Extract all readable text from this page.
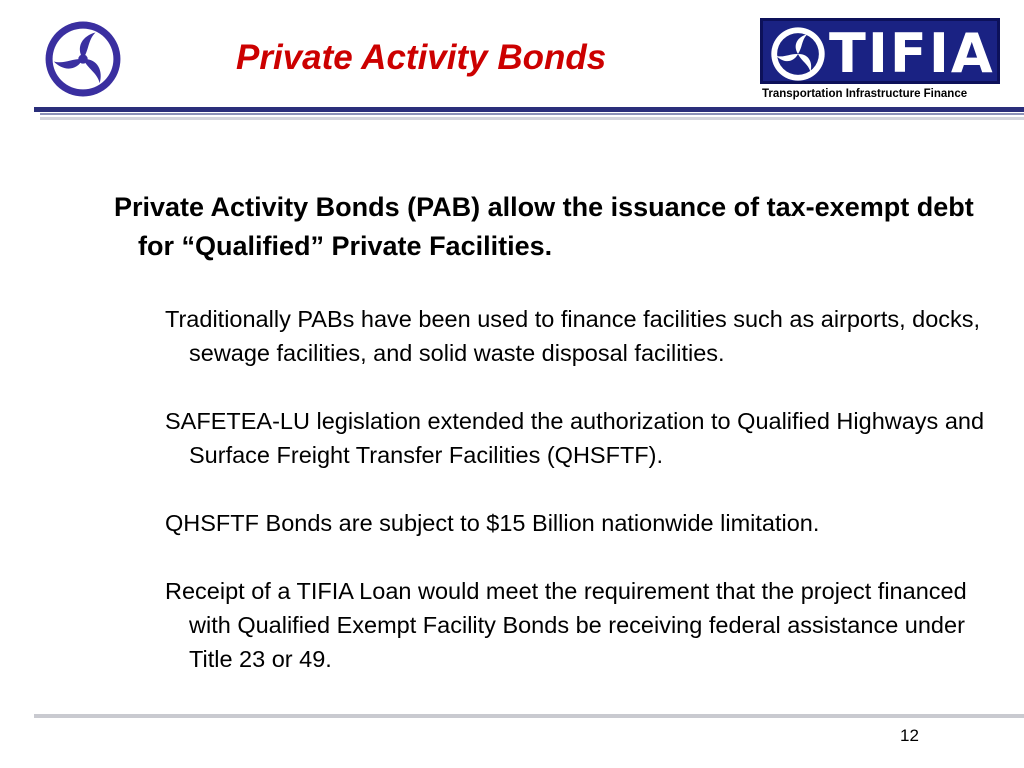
Private Activity Bonds	TIFIA
Transportation Infrastructure Finance
Private Activity Bonds (PAB) allow the issuance of tax-exempt debt for “Qualified” Private Facilities.
Traditionally PABs have been used to finance facilities such as airports, docks, sewage facilities, and solid waste disposal facilities.
SAFETEA-LU legislation extended the authorization to Qualified Highways and Surface Freight Transfer Facilities (QHSFTF).
QHSFTF Bonds are subject to $15 Billion nationwide limitation.
Receipt of a TIFIA Loan would meet the requirement that the project financed with Qualified Exempt Facility Bonds be receiving federal assistance under Title 23 or 49.
12
